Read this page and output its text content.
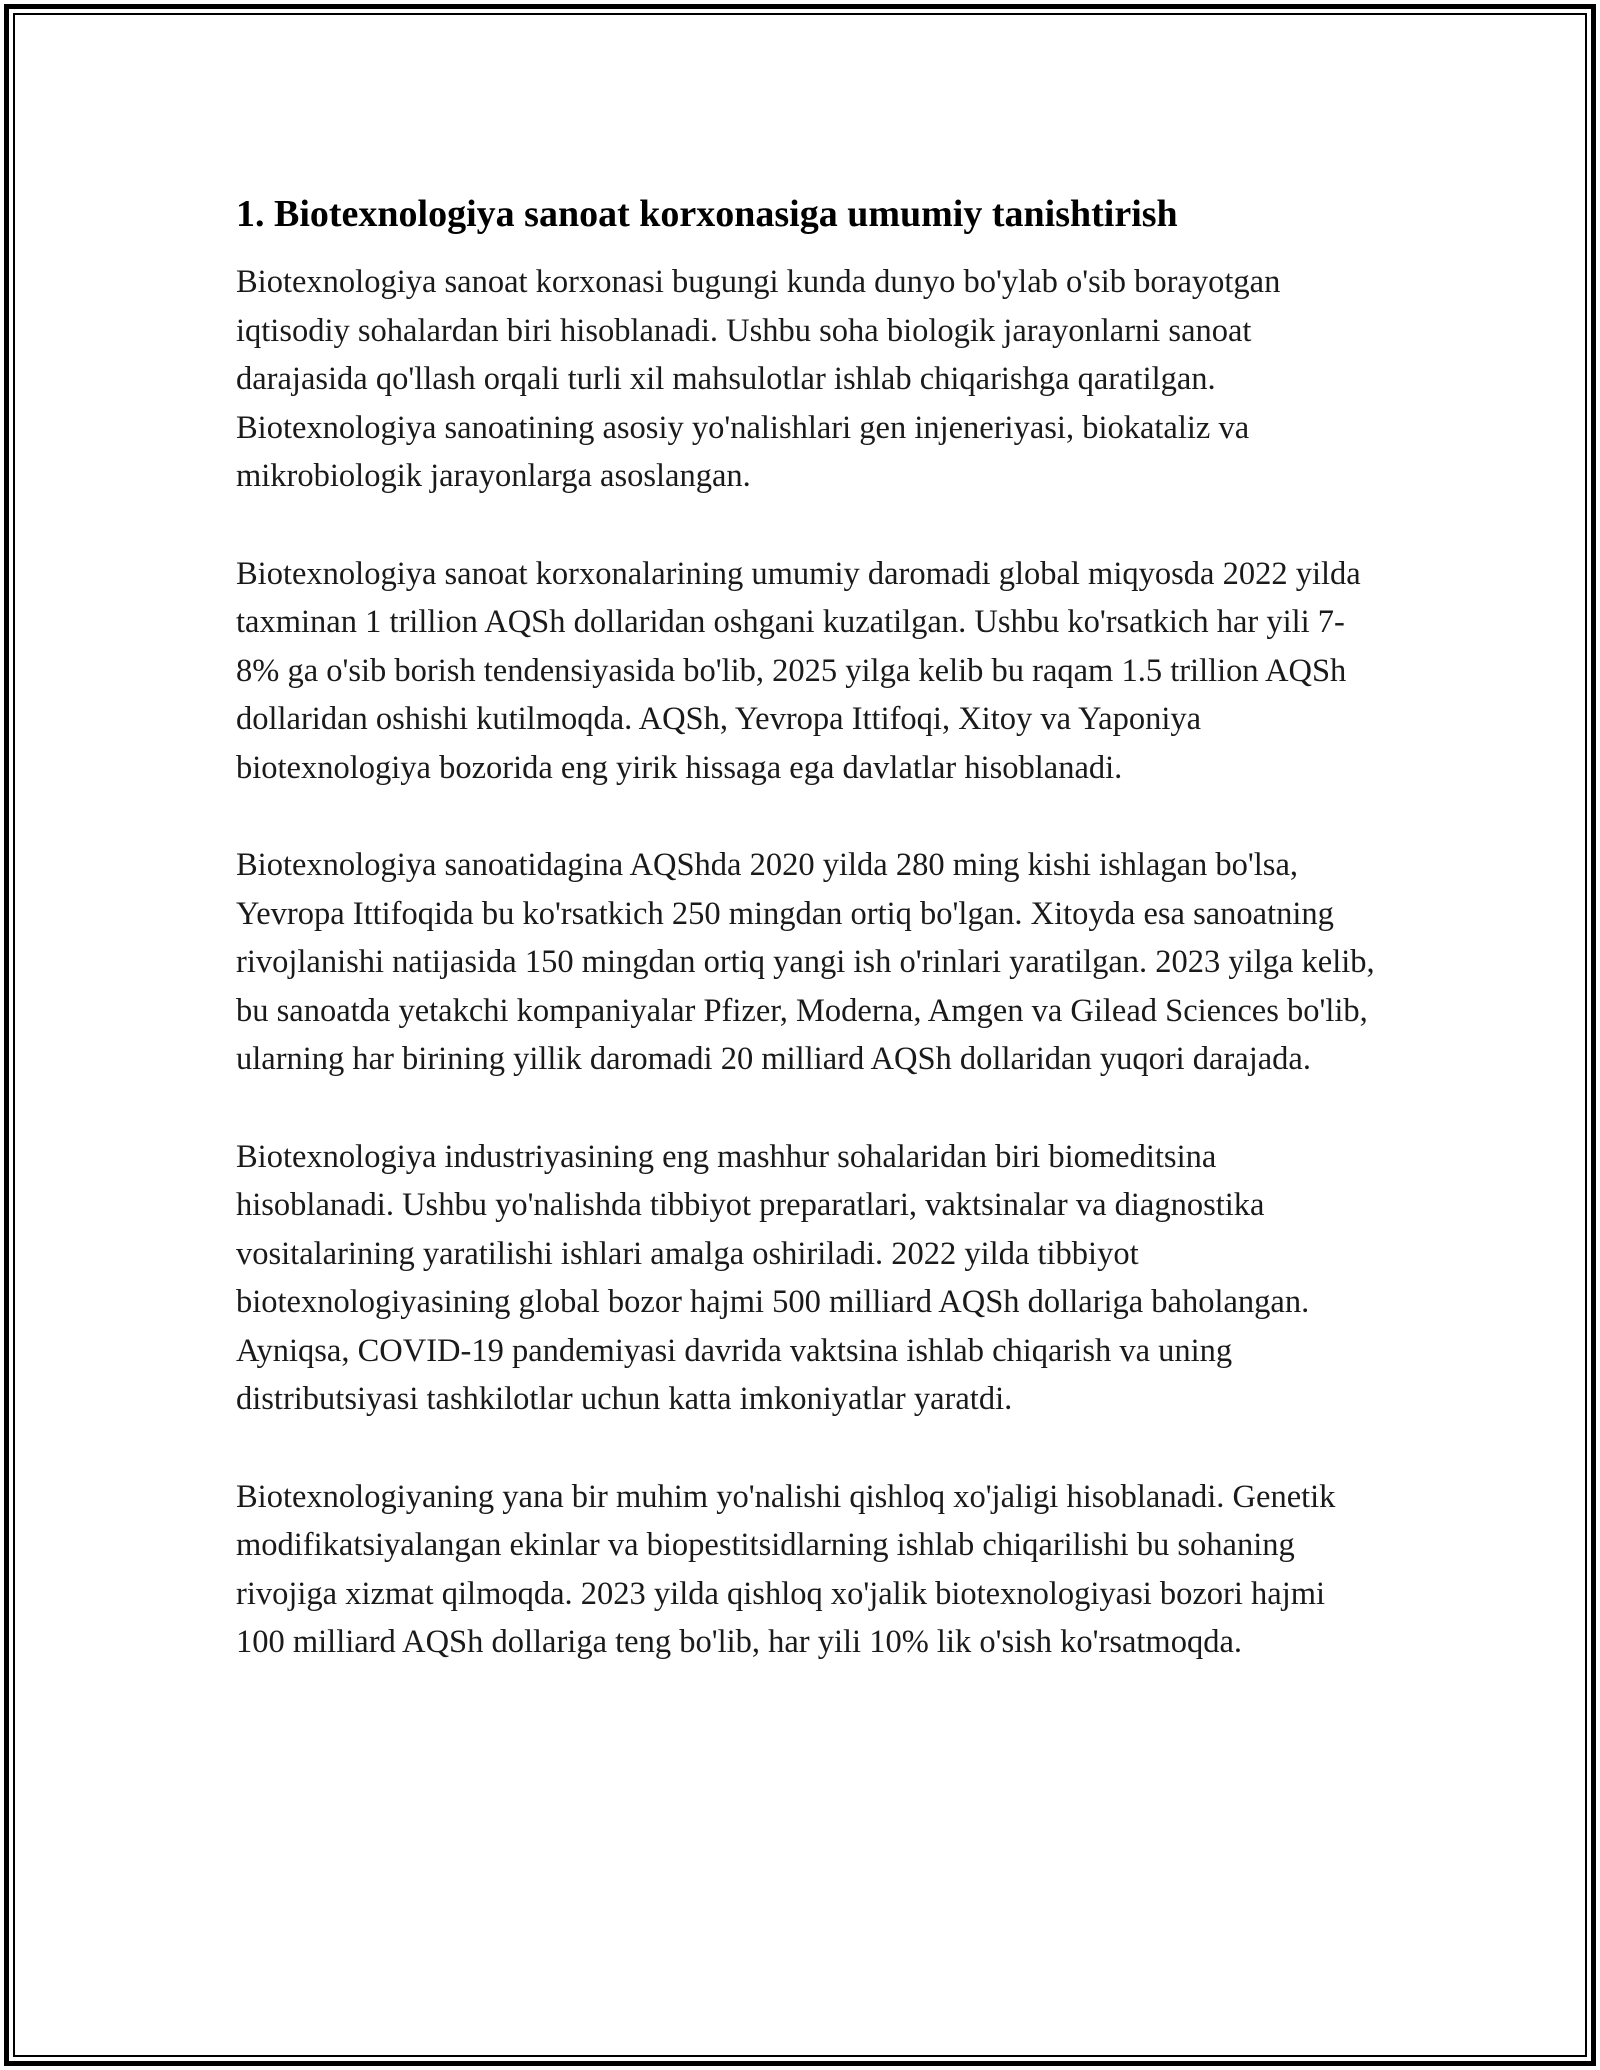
1. Biotexnologiya sanoat korxonasiga umumiy tanishtirish

Biotexnologiya sanoat korxonasi bugungi kunda dunyo bo'ylab o'sib borayotgan iqtisodiy sohalardan biri hisoblanadi. Ushbu soha biologik jarayonlarni sanoat darajasida qo'llash orqali turli xil mahsulotlar ishlab chiqarishga qaratilgan. Biotexnologiya sanoatining asosiy yo'nalishlari gen injeneriyasi, biokataliz va mikrobiologik jarayonlarga asoslangan.

Biotexnologiya sanoat korxonalarining umumiy daromadi global miqyosda 2022 yilda taxminan 1 trillion AQSh dollaridan oshgani kuzatilgan. Ushbu ko'rsatkich har yili 7-8% ga o'sib borish tendensiyasida bo'lib, 2025 yilga kelib bu raqam 1.5 trillion AQSh dollaridan oshishi kutilmoqda. AQSh, Yevropa Ittifoqi, Xitoy va Yaponiya biotexnologiya bozorida eng yirik hissaga ega davlatlar hisoblanadi.

Biotexnologiya sanoatidagina AQShda 2020 yilda 280 ming kishi ishlagan bo'lsa, Yevropa Ittifoqida bu ko'rsatkich 250 mingdan ortiq bo'lgan. Xitoyda esa sanoatning rivojlanishi natijasida 150 mingdan ortiq yangi ish o'rinlari yaratilgan. 2023 yilga kelib, bu sanoatda yetakchi kompaniyalar Pfizer, Moderna, Amgen va Gilead Sciences bo'lib, ularning har birining yillik daromadi 20 milliard AQSh dollaridan yuqori darajada.

Biotexnologiya industriyasining eng mashhur sohalaridan biri biomeditsina hisoblanadi. Ushbu yo'nalishda tibbiyot preparatlari, vaktsinalar va diagnostika vositalarining yaratilishi ishlari amalga oshiriladi. 2022 yilda tibbiyot biotexnologiyasining global bozor hajmi 500 milliard AQSh dollariga baholangan. Ayniqsa, COVID-19 pandemiyasi davrida vaktsina ishlab chiqarish va uning distributsiyasi tashkilotlar uchun katta imkoniyatlar yaratdi.

Biotexnologiyaning yana bir muhim yo'nalishi qishloq xo'jaligi hisoblanadi. Genetik modifikatsiyalangan ekinlar va biopestitsidlarning ishlab chiqarilishi bu sohaning rivojiga xizmat qilmoqda. 2023 yilda qishloq xo'jalik biotexnologiyasi bozori hajmi 100 milliard AQSh dollariga teng bo'lib, har yili 10% lik o'sish ko'rsatmoqda.
